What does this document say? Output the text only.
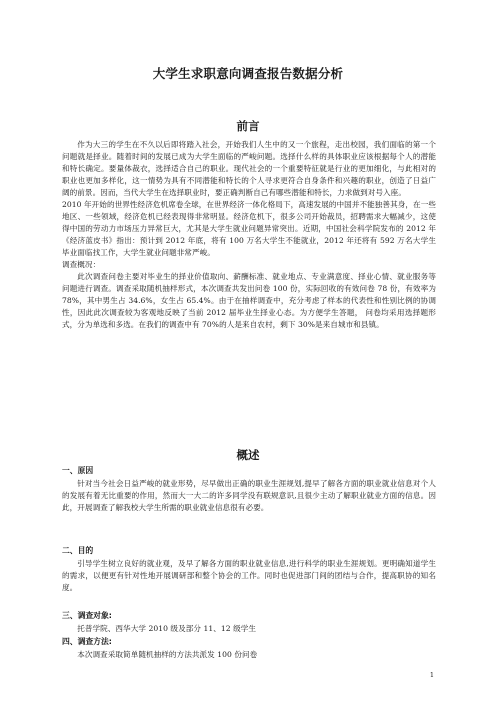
大学生求职意向调查报告数据分析
前言

作为大三的学生在不久以后即将踏入社会，开始我们人生中的又一个旅程，走出校园，我们面临的第一个问题就是择业。随着时间的发展已成为大学生面临的严峻问题。选择什么样的具体职业应该根据每个人的潜能和特长确定。要量体裁衣，选择适合自己的职业。现代社会的一个重要特征就是行业的更加细化，与此相对的职业也更加多样化，这一情势为具有不同潜能和特长的个人寻求更符合自身条件和兴趣的职业，创造了日益广阔的前景。因而，当代大学生在选择职业时，要正确判断自己有哪些潜能和特长，力求做到对号入座。

2010 年开始的世界性经济危机席卷全球，在世界经济一体化格局下，高速发展的中国并不能独善其身，在一些地区、一些领域，经济危机已经表现得非常明显。经济危机下，很多公司开始裁员，招聘需求大幅减少，这使得中国的劳动力市场压力异常巨大，尤其是大学生就业问题异常突出。近期，中国社会科学院发布的 2012 年《经济蓝皮书》指出：预计到 2012 年底，将有 100 万名大学生不能就业，2012 年还将有 592 万名大学生毕业面临找工作，大学生就业问题非常严峻。

调查概况：

此次调查问卷主要对毕业生的择业价值取向、薪酬标准、就业地点、专业满意度、择业心情、就业服务等问题进行调查。调查采取随机抽样形式，本次调查共发出问卷 100 份，实际回收的有效问卷 78 份，有效率为 78%，其中男生占 34.6%，女生占 65.4%。由于在抽样调查中，充分考虑了样本的代表性和性别比例的协调性，因此此次调查较为客观地反映了当前 2012 届毕业生择业心态。为方便学生答题， 问卷均采用选择题形式，分为单选和多选。在我们的调查中有 70%的人是来自农村，剩下 30%是来自城市和县镇。

概述
一、原因

针对当今社会日益严峻的就业形势，尽早做出正确的职业生涯规划,提早了解各方面的职业就业信息对个人的发展有着无比重要的作用，然而大一大二的许多同学没有联规意识,且很少主动了解职业就业方面的信息。因此，开展调查了解我校大学生所需的职业就业信息很有必要。

二、目的

引导学生树立良好的就业观，及早了解各方面的职业就业信息,进行科学的职业生涯规划。更明确知道学生的需求，以便更有针对性地开展调研部和整个协会的工作。同时也促进部门间的团结与合作，提高职协的知名度。

三、调查对象:

托普学院、西华大学 2010 级及部分 11、12 级学生

四、调查方法:

本次调查采取简单随机抽样的方法共派发 100 份问卷

1
